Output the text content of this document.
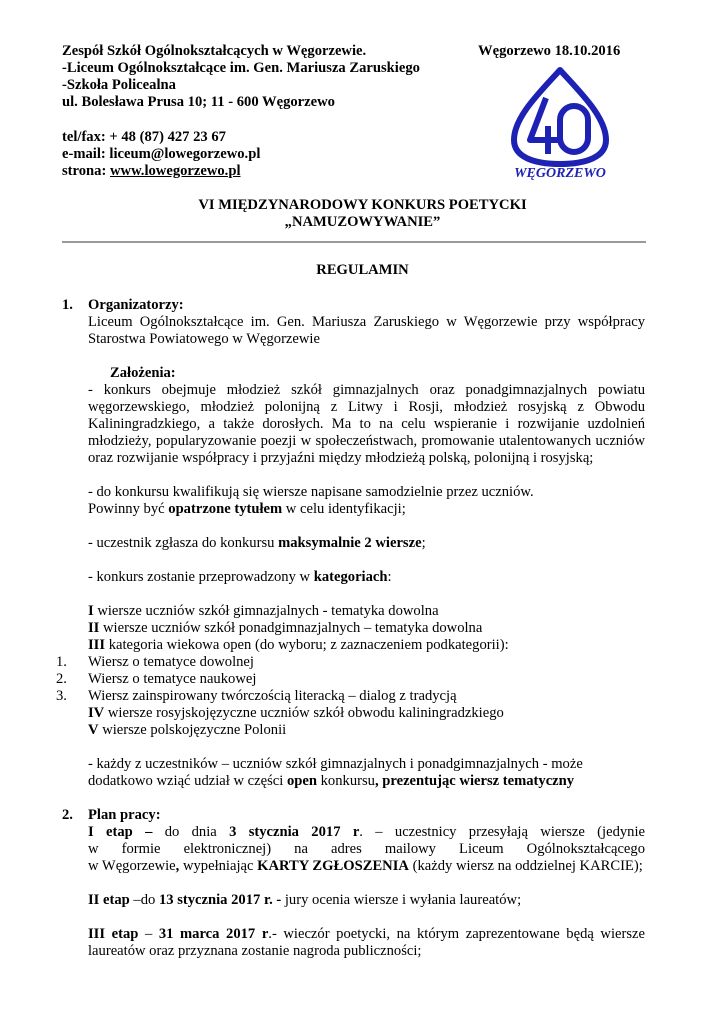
Zespół Szkół Ogólnokształcących w Węgorzewie.	Węgorzewo 18.10.2016
-Liceum Ogólnokształcące im. Gen. Mariusza Zaruskiego
-Szkoła Policealna
ul. Bolesława Prusa 10; 11 - 600 Węgorzewo
tel/fax: + 48 (87) 427 23 67
e-mail: liceum@lowegorzewo.pl
strona: www.lowegorzewo.pl	WĘGORZEWO
VI MIĘDZYNARODOWY KONKURS POETYCKI
„NAMUZOWYWANIE”
REGULAMIN
1. Organizatorzy:
Liceum Ogólnokształcące im. Gen. Mariusza Zaruskiego w Węgorzewie przy współpracy
Starostwa Powiatowego w Węgorzewie
Założenia:
- konkurs obejmuje młodzież szkół gimnazjalnych oraz ponadgimnazjalnych powiatu
węgorzewskiego, młodzież polonijną z Litwy i Rosji, młodzież rosyjską z Obwodu
Kaliningradzkiego, a także dorosłych. Ma to na celu wspieranie i rozwijanie uzdolnień
młodzieży, popularyzowanie poezji w społeczeństwach, promowanie utalentowanych uczniów
oraz rozwijanie współpracy i przyjaźni między młodzieżą polską, polonijną i rosyjską;
- do konkursu kwalifikują się wiersze napisane samodzielnie przez uczniów.
Powinny być opatrzone tytułem w celu identyfikacji;
- uczestnik zgłasza do konkursu maksymalnie 2 wiersze;
- konkurs zostanie przeprowadzony w kategoriach:
I wiersze uczniów szkół gimnazjalnych - tematyka dowolna
II wiersze uczniów szkół ponadgimnazjalnych – tematyka dowolna
III kategoria wiekowa open (do wyboru; z zaznaczeniem podkategorii):
1. Wiersz o tematyce dowolnej
2. Wiersz o tematyce naukowej
3. Wiersz zainspirowany twórczością literacką – dialog z tradycją
IV wiersze rosyjskojęzyczne uczniów szkół obwodu kaliningradzkiego
V wiersze polskojęzyczne Polonii
- każdy z uczestników – uczniów szkół gimnazjalnych i ponadgimnazjalnych - może
dodatkowo wziąć udział w części open konkursu, prezentując wiersz tematyczny
2. Plan pracy:
I etap – do dnia 3 stycznia 2017 r. – uczestnicy przesyłają wiersze (jedynie
w formie elektronicznej) na adres mailowy Liceum Ogólnokształcącego
w Węgorzewie, wypełniając KARTY ZGŁOSZENIA (każdy wiersz na oddzielnej KARCIE);
II etap –do 13 stycznia 2017 r. - jury ocenia wiersze i wyłania laureatów;
III etap – 31 marca 2017 r.- wieczór poetycki, na którym zaprezentowane będą wiersze
laureatów oraz przyznana zostanie nagroda publiczności;
